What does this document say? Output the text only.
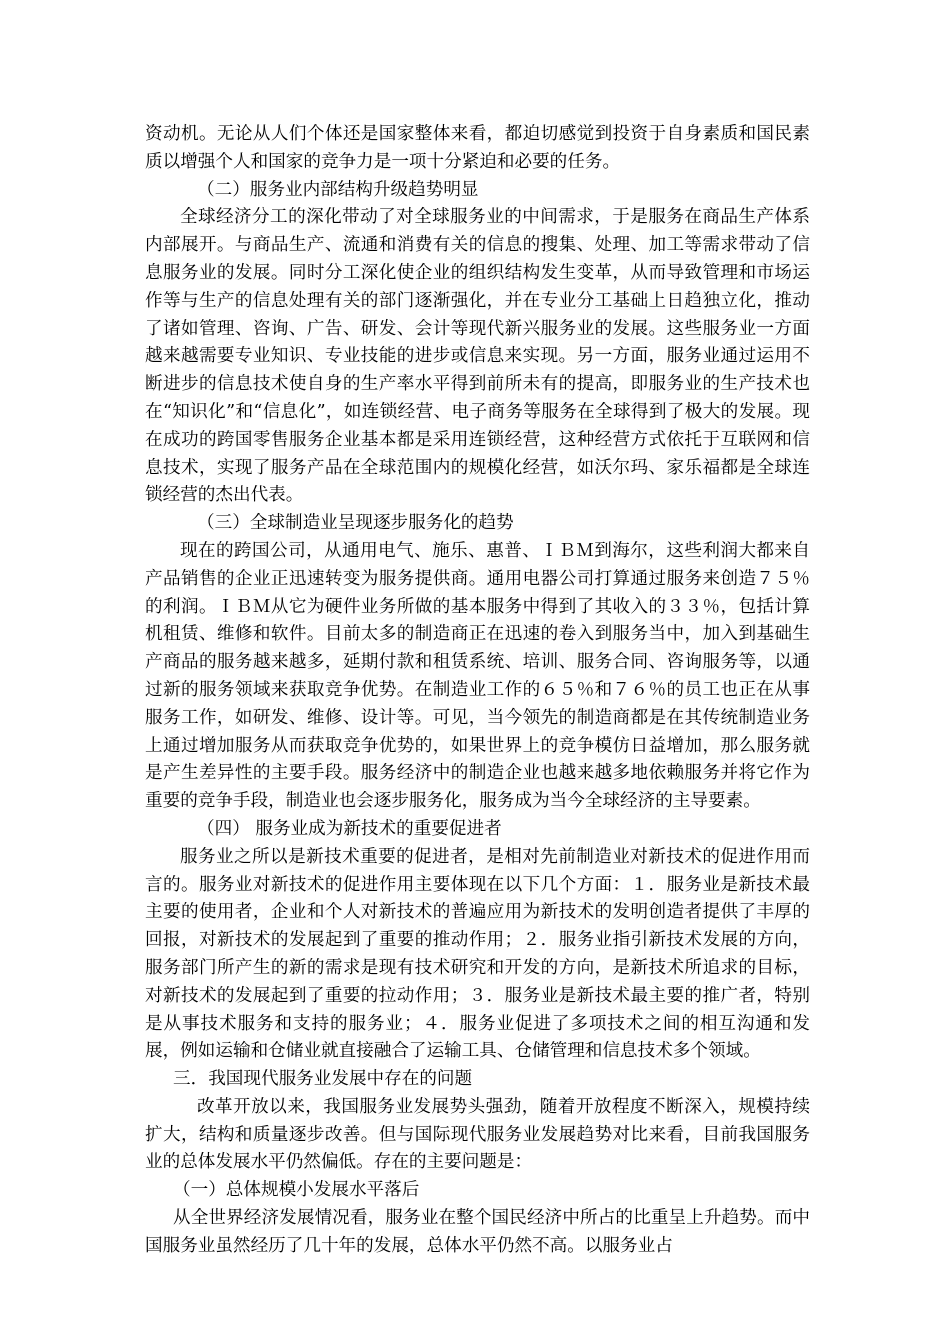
资动机。无论从人们个体还是国家整体来看，都迫切感觉到投资于自身素质和国民素质以增强个人和国家的竞争力是一项十分紧迫和必要的任务。

（二）服务业内部结构升级趋势明显

全球经济分工的深化带动了对全球服务业的中间需求，于是服务在商品生产体系内部展开。与商品生产、流通和消费有关的信息的搜集、处理、加工等需求带动了信息服务业的发展。同时分工深化使企业的组织结构发生变革，从而导致管理和市场运作等与生产的信息处理有关的部门逐渐强化，并在专业分工基础上日趋独立化，推动了诸如管理、咨询、广告、研发、会计等现代新兴服务业的发展。这些服务业一方面越来越需要专业知识、专业技能的进步或信息来实现。另一方面，服务业通过运用不断进步的信息技术使自身的生产率水平得到前所未有的提高，即服务业的生产技术也在“知识化”和“信息化”，如连锁经营、电子商务等服务在全球得到了极大的发展。现在成功的跨国零售服务企业基本都是采用连锁经营，这种经营方式依托于互联网和信息技术，实现了服务产品在全球范围内的规模化经营，如沃尔玛、家乐福都是全球连锁经营的杰出代表。

（三）全球制造业呈现逐步服务化的趋势

现在的跨国公司，从通用电气、施乐、惠普、ＩＢＭ到海尔，这些利润大都来自产品销售的企业正迅速转变为服务提供商。通用电器公司打算通过服务来创造７５％的利润。ＩＢＭ从它为硬件业务所做的基本服务中得到了其收入的３３％，包括计算机租赁、维修和软件。目前太多的制造商正在迅速的卷入到服务当中，加入到基础生产商品的服务越来越多，延期付款和租赁系统、培训、服务合同、咨询服务等，以通过新的服务领域来获取竞争优势。在制造业工作的６５％和７６％的员工也正在从事服务工作，如研发、维修、设计等。可见，当今领先的制造商都是在其传统制造业务上通过增加服务从而获取竞争优势的，如果世界上的竞争模仿日益增加，那么服务就是产生差异性的主要手段。服务经济中的制造企业也越来越多地依赖服务并将它作为重要的竞争手段，制造业也会逐步服务化，服务成为当今全球经济的主导要素。

（四） 服务业成为新技术的重要促进者

服务业之所以是新技术重要的促进者，是相对先前制造业对新技术的促进作用而言的。服务业对新技术的促进作用主要体现在以下几个方面：１．服务业是新技术最主要的使用者，企业和个人对新技术的普遍应用为新技术的发明创造者提供了丰厚的回报，对新技术的发展起到了重要的推动作用；２．服务业指引新技术发展的方向，服务部门所产生的新的需求是现有技术研究和开发的方向，是新技术所追求的目标，对新技术的发展起到了重要的拉动作用；３．服务业是新技术最主要的推广者，特别是从事技术服务和支持的服务业；４．服务业促进了多项技术之间的相互沟通和发展，例如运输和仓储业就直接融合了运输工具、仓储管理和信息技术多个领域。

三．我国现代服务业发展中存在的问题

改革开放以来，我国服务业发展势头强劲，随着开放程度不断深入，规模持续扩大，结构和质量逐步改善。但与国际现代服务业发展趋势对比来看，目前我国服务业的总体发展水平仍然偏低。存在的主要问题是：

（一）总体规模小发展水平落后

从全世界经济发展情况看，服务业在整个国民经济中所占的比重呈上升趋势。而中国服务业虽然经历了几十年的发展，总体水平仍然不高。以服务业占
